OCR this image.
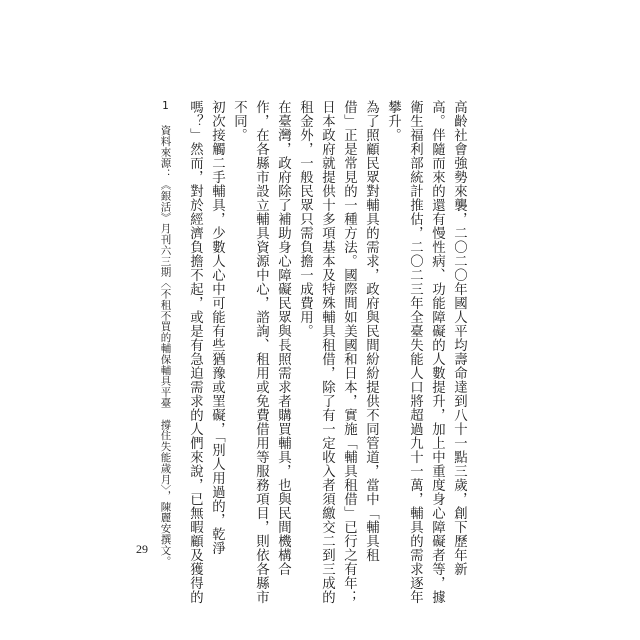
高齡社會強勢來襲，二〇二〇年國人平均壽命達到八十一點三歲，創下歷年新
高。伴隨而來的還有慢性病、功能障礙的人數提升，加上中重度身心障礙者等，據
衛生福利部統計推估，二〇二三年全臺失能人口將超過九十一萬，輔具的需求逐年
攀升。
為了照顧民眾對輔具的需求，政府與民間紛紛提供不同管道，當中「輔具租
借」正是常見的一種方法。國際間如美國和日本，實施「輔具租借」已行之有年；
日本政府就提供十多項基本及特殊輔具租借，除了有一定收入者須繳交二到三成的
租金外，一般民眾只需負擔一成費用。
在臺灣，政府除了補助身心障礙民眾與長照需求者購買輔具，也與民間機構合
作，在各縣市設立輔具資源中心，諮詢、租用或免費借用等服務項目，則依各縣市
不同。
初次接觸二手輔具，少數人心中可能有些猶豫或罣礙，「別人用過的，乾淨
嗎？」然而，對於經濟負擔不起，或是有急迫需求的人們來說，已無暇顧及獲得的
1 資料來源：《銀活》月刊六三期〈不租不買的輔保輔具平臺　撐住失能歲月〉，陳麗安撰文。
29
